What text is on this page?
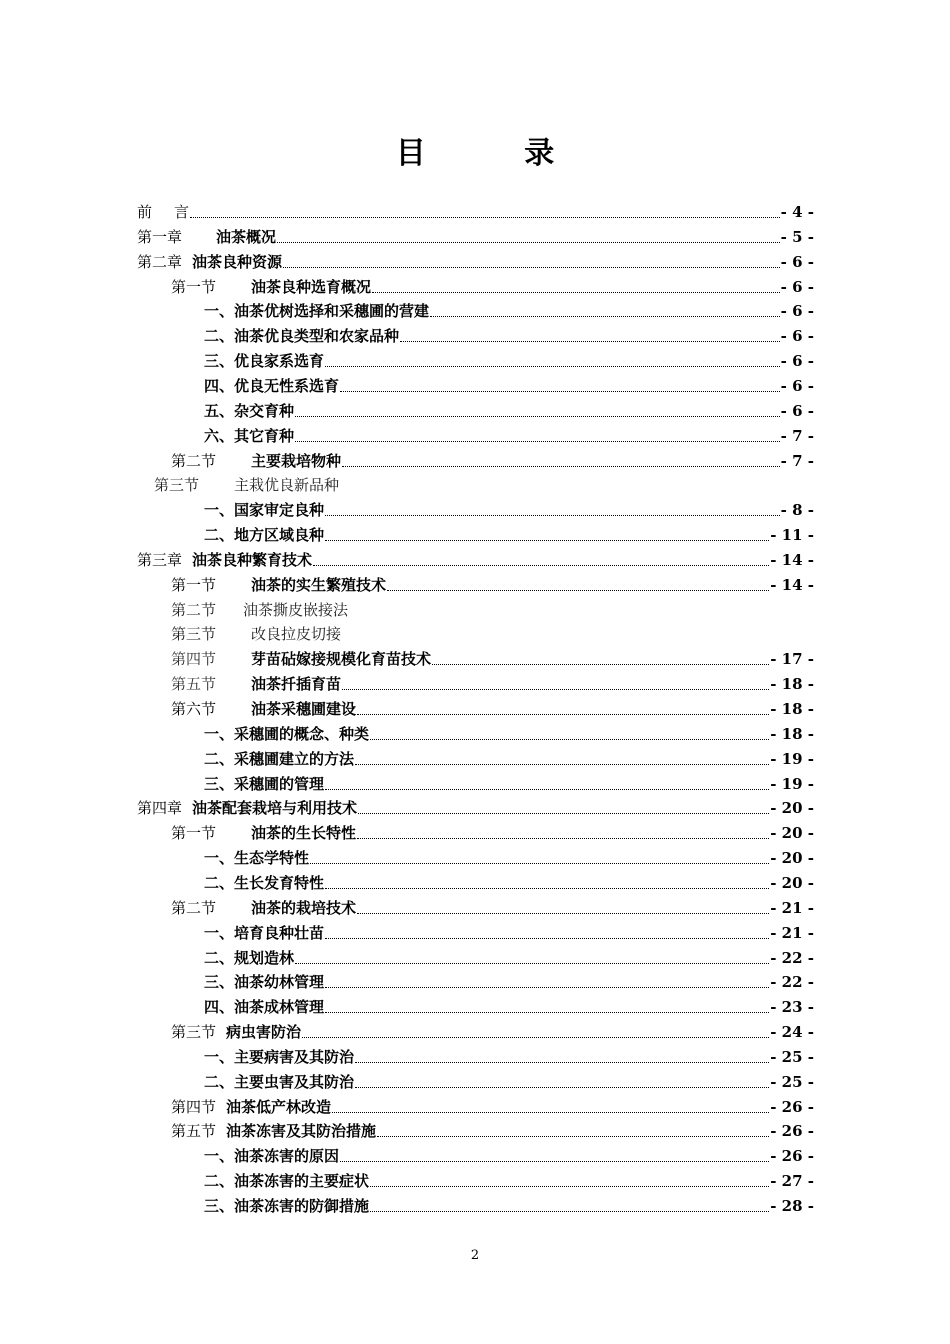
目 录
前 言	- 4 -
第一章 油茶概况	- 5 -
第二章 油茶良种资源	- 6 -
第一节 油茶良种选育概况	- 6 -
一、油茶优树选择和采穗圃的营建	- 6 -
二、油茶优良类型和农家品种	- 6 -
三、优良家系选育	- 6 -
四、优良无性系选育	- 6 -
五、杂交育种	- 6 -
六、其它育种	- 7 -
第二节 主要栽培物种	- 7 -
第三节 主栽优良新品种
一、国家审定良种	- 8 -
二、地方区域良种	- 11 -
第三章 油茶良种繁育技术	- 14 -
第一节 油茶的实生繁殖技术	- 14 -
第二节 油茶撕皮嵌接法
第三节 改良拉皮切接
第四节 芽苗砧嫁接规模化育苗技术	- 17 -
第五节 油茶扦插育苗	- 18 -
第六节 油茶采穗圃建设	- 18 -
一、采穗圃的概念、种类	- 18 -
二、采穗圃建立的方法	- 19 -
三、采穗圃的管理	- 19 -
第四章 油茶配套栽培与利用技术	- 20 -
第一节 油茶的生长特性	- 20 -
一、生态学特性	- 20 -
二、生长发育特性	- 20 -
第二节 油茶的栽培技术	- 21 -
一、培育良种壮苗	- 21 -
二、规划造林	- 22 -
三、油茶幼林管理	- 22 -
四、油茶成林管理	- 23 -
第三节 病虫害防治	- 24 -
一、主要病害及其防治	- 25 -
二、主要虫害及其防治	- 25 -
第四节 油茶低产林改造	- 26 -
第五节 油茶冻害及其防治措施	- 26 -
一、油茶冻害的原因	- 26 -
二、油茶冻害的主要症状	- 27 -
三、油茶冻害的防御措施	- 28 -
2
